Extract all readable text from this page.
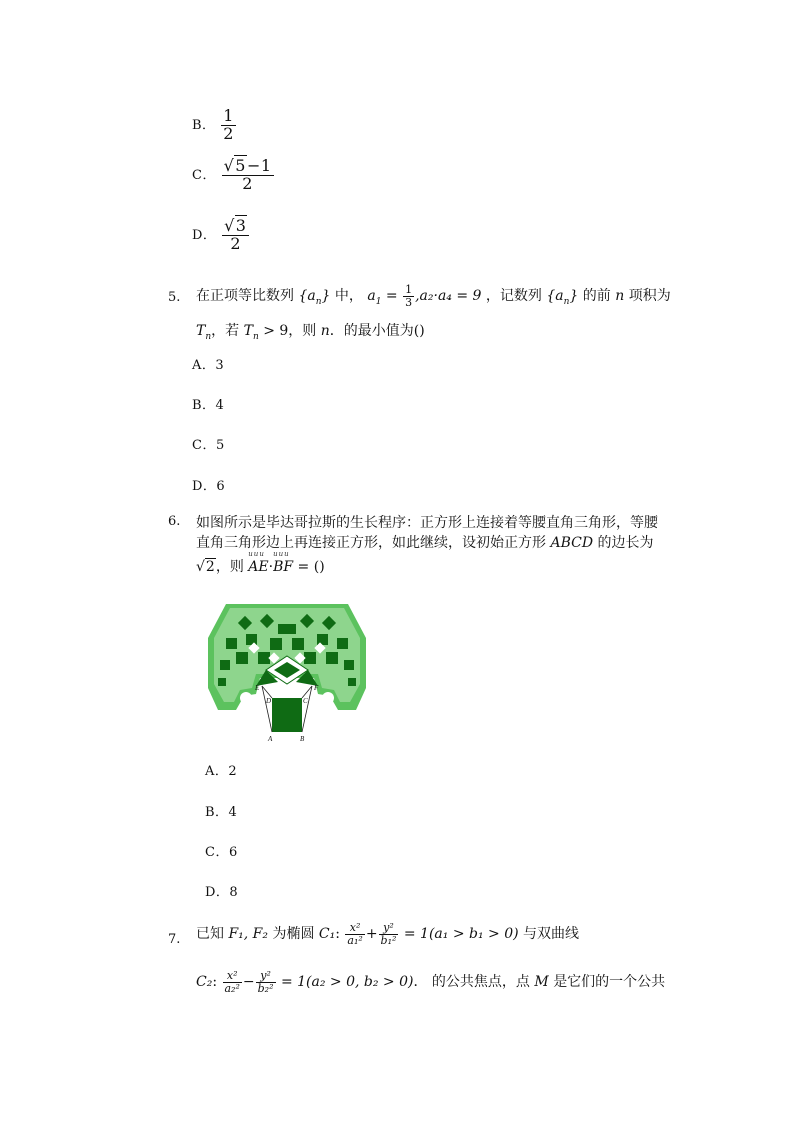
B． $\frac{1}{2}$
C． $\frac{√5-1}{2}$
D． $\frac{√3}{2}$
5. 在正项等比数列 $\{a_n\}$ 中， $a_1 = \frac{1}{3} ,a_2\cdot a_4 = 9$ ，记数列 $\{a_n\}$ 的前 n 项积为
$T_n$，若 $T_n > 9$，则 n．的最小值为()
A．3
B．4
C．5
D．6
6. 如图所示是毕达哥拉斯的生长程序：正方形上连接着等腰直角三角形，等腰
直角三角形边上再连接正方形，如此继续，设初始正方形 ABCD 的边长为
√2，则 uuu AE·uuu BF = ()
A	B
C
D
E	F
A．2
B．4
C．6
D．8
7. 已知 F₁, F₂ 为椭圆 C₁: $\frac{\text{x²}}{\text{a₁²}} + \frac{\text{y²}}{\text{b₁²}} = 1(a_1 > b_1 > 0)$ 与双曲线
C₂: $\frac{\text{x²}}{\text{a₂²}} - \frac{\text{y²}}{\text{b₂²}} = 1(a_2 > 0$, b₂ > 0)． 的公共焦点，点 M 是它们的一个公共
